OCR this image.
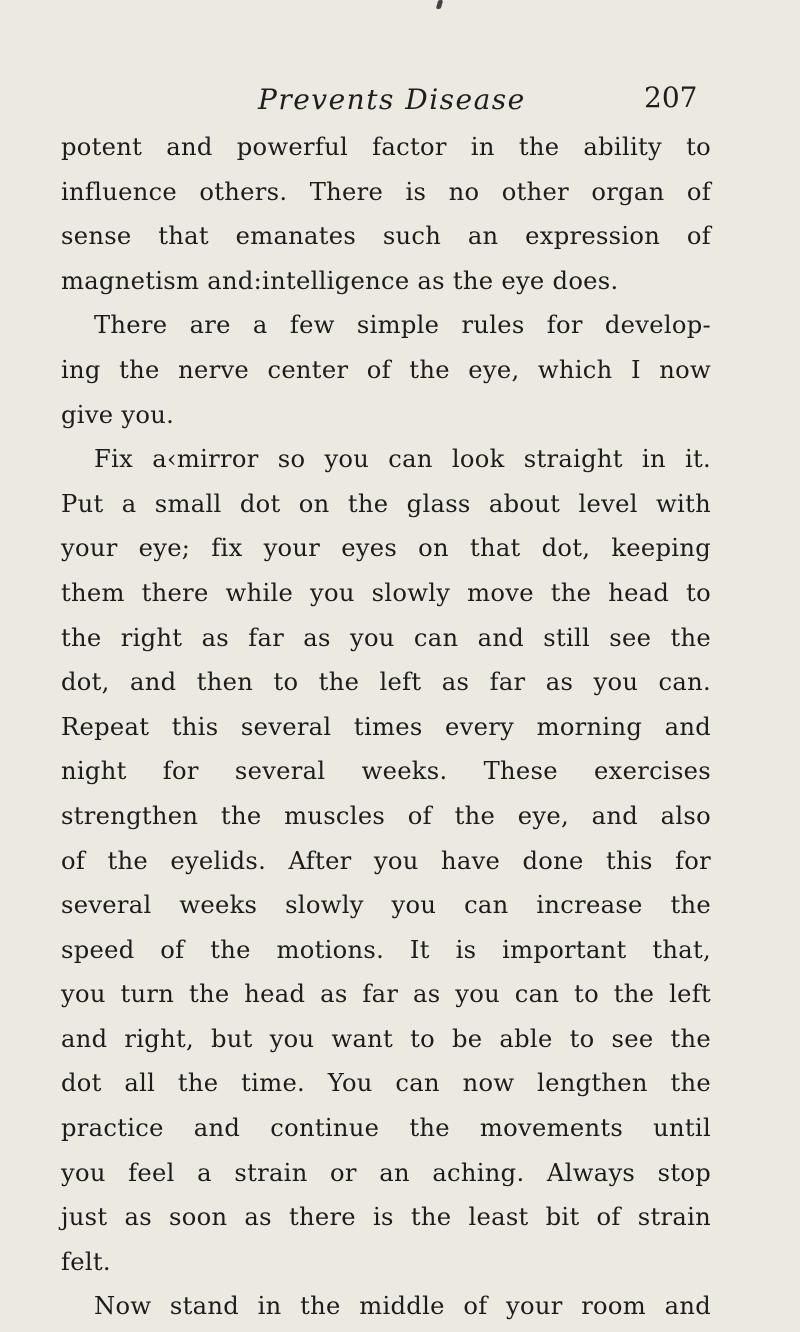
Prevents Disease	207
potent and powerful factor in the ability to
influence others. There is no other organ of
sense that emanates such an expression of
magnetism and:intelligence as the eye does.
There are a few simple rules for develop-
ing the nerve center of the eye, which I now
give you.
Fix a‹mirror so you can look straight in it.
Put a small dot on the glass about level with
your eye; fix your eyes on that dot, keeping
them there while you slowly move the head to
the right as far as you can and still see the
dot, and then to the left as far as you can.
Repeat this several times every morning and
night for several weeks. These exercises
strengthen the muscles of the eye, and also
of the eyelids. After you have done this for
several weeks slowly you can increase the
speed of the motions. It is important that,
you turn the head as far as you can to the left
and right, but you want to be able to see the
dot all the time. You can now lengthen the
practice and continue the movements until
you feel a strain or an aching. Always stop
just as soon as there is the least bit of strain
felt.
Now stand in the middle of your room and
